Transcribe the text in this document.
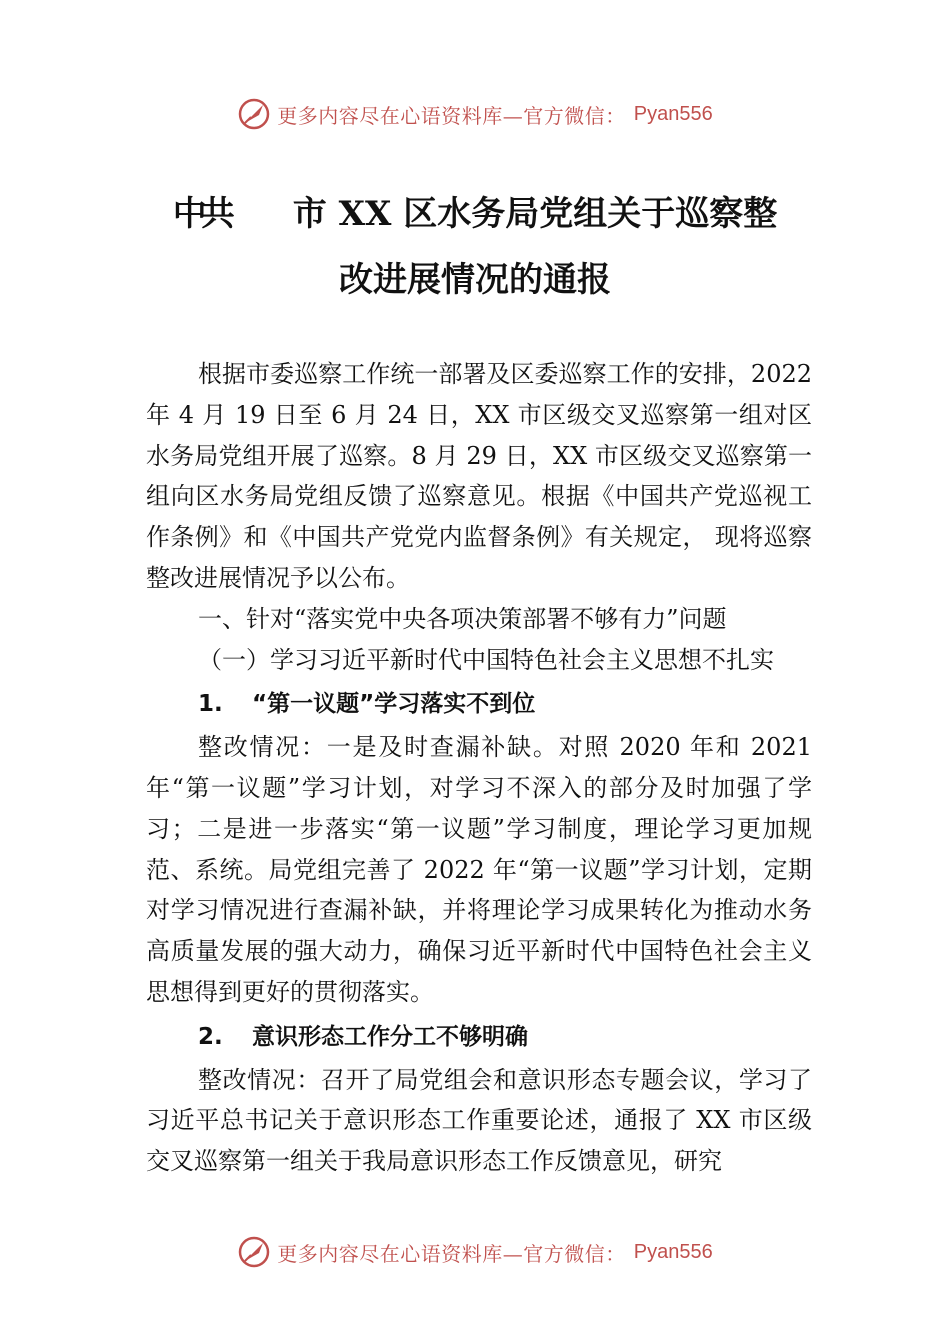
更多内容尽在心语资料库—官方微信： Pyan556
中共 市 XX 区水务局党组关于巡察整
改进展情况的通报

根据市委巡察工作统一部署及区委巡察工作的安排，2022 年 4 月 19 日至 6 月 24 日，XX 市区级交叉巡察第一组对区水务局党组开展了巡察。8 月 29 日，XX 市区级交叉巡察第一组向区水务局党组反馈了巡察意见。根据《中国共产党巡视工作条例》和《中国共产党党内监督条例》有关规定， 现将巡察整改进展情况予以公布。

一、针对“落实党中央各项决策部署不够有力”问题

（一）学习习近平新时代中国特色社会主义思想不扎实

1. “第一议题”学习落实不到位

整改情况：一是及时查漏补缺。对照 2020 年和 2021 年“第一议题”学习计划，对学习不深入的部分及时加强了学习；二是进一步落实“第一议题”学习制度，理论学习更加规范、系统。局党组完善了 2022 年“第一议题”学习计划，定期对学习情况进行查漏补缺，并将理论学习成果转化为推动水务高质量发展的强大动力，确保习近平新时代中国特色社会主义思想得到更好的贯彻落实。

2. 意识形态工作分工不够明确

整改情况：召开了局党组会和意识形态专题会议，学习了习近平总书记关于意识形态工作重要论述，通报了 XX 市区级交叉巡察第一组关于我局意识形态工作反馈意见，研究

更多内容尽在心语资料库—官方微信： Pyan556
